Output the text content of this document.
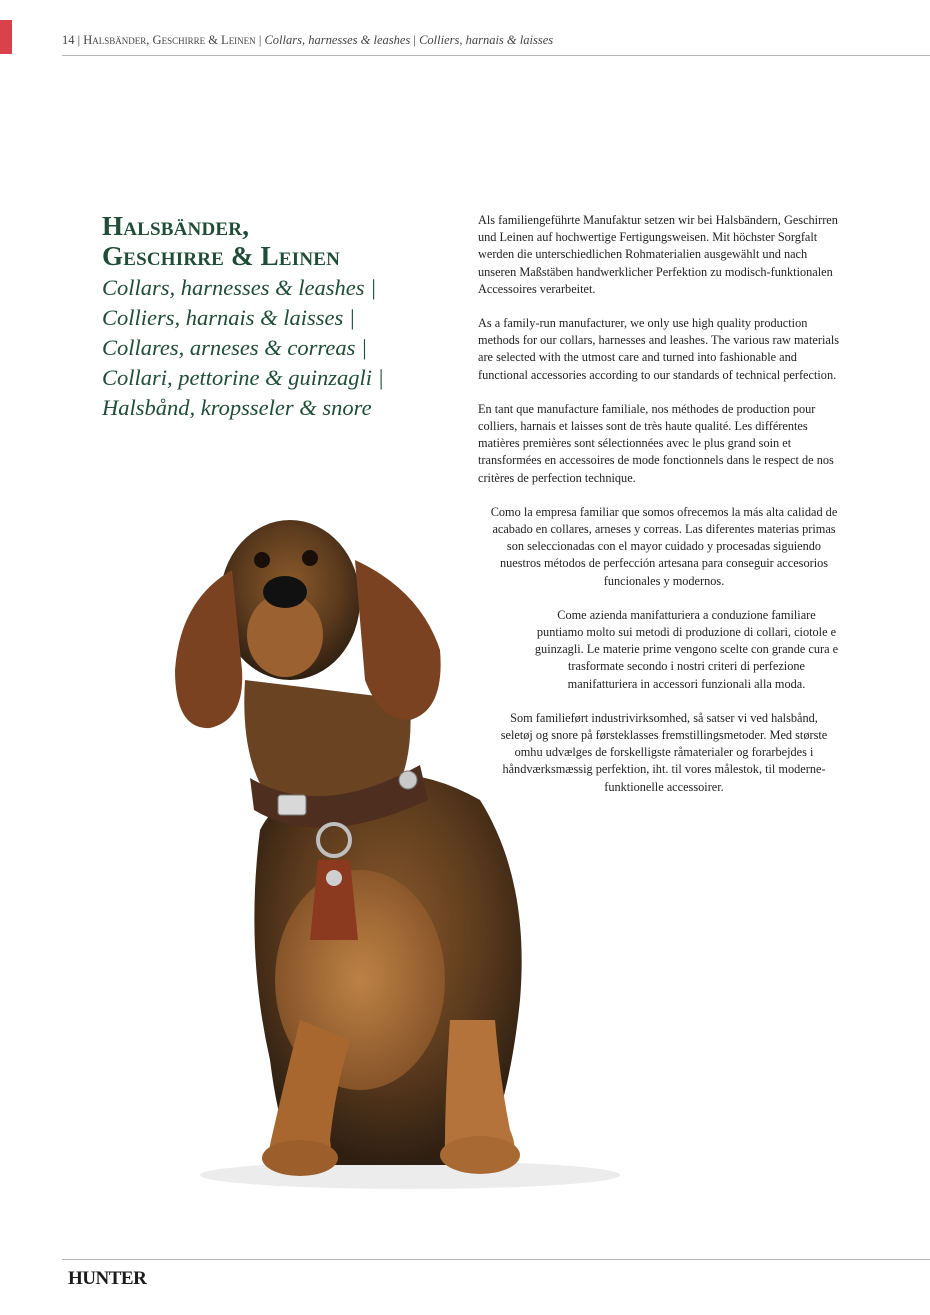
14 | Halsbänder, Geschirre & Leinen | Collars, harnesses & leashes | Colliers, harnais & laisses
Halsbänder,
Geschirre & Leinen
Collars, harnesses & leashes | Colliers, harnais & laisses | Collares, arneses & correas | Collari, pettorine & guinzagli | Halsbånd, kropsseler & snore

Als familiengeführte Manufaktur setzen wir bei Halsbändern, Geschirren und Leinen auf hochwertige Fertigungsweisen. Mit höchster Sorgfalt werden die unterschiedlichen Rohmaterialien ausgewählt und nach unseren Maßstäben handwerklicher Perfektion zu modisch-funktionalen Accessoires verarbeitet.

As a family-run manufacturer, we only use high quality production methods for our collars, harnesses and leashes. The various raw materials are selected with the utmost care and turned into fashionable and functional accessories according to our standards of technical perfection.

En tant que manufacture familiale, nos méthodes de production pour colliers, harnais et laisses sont de très haute qualité. Les différentes matières premières sont sélectionnées avec le plus grand soin et transformées en accessoires de mode fonctionnels dans le respect de nos critères de perfection technique.

Como la empresa familiar que somos ofrecemos la más alta calidad de acabado en collares, arneses y correas. Las diferentes materias primas son seleccionadas con el mayor cuidado y procesadas siguiendo nuestros métodos de perfección artesana para conseguir accesorios funcionales y modernos.

Come azienda manifatturiera a conduzione familiare puntiamo molto sui metodi di produzione di collari, ciotole e guinzagli. Le materie prime vengono scelte con grande cura e trasformate secondo i nostri criteri di perfezione manifatturiera in accessori funzionali alla moda.

Som familieført industrivirksomhed, så satser vi ved halsbånd, seletøj og snore på førsteklasses fremstillingsmetoder. Med største omhu udvælges de forskelligste råmaterialer og forarbejdes i håndværksmæssig perfektion, iht. til vores målestok, til moderne-funktionelle accessoirer.

HUNTER
